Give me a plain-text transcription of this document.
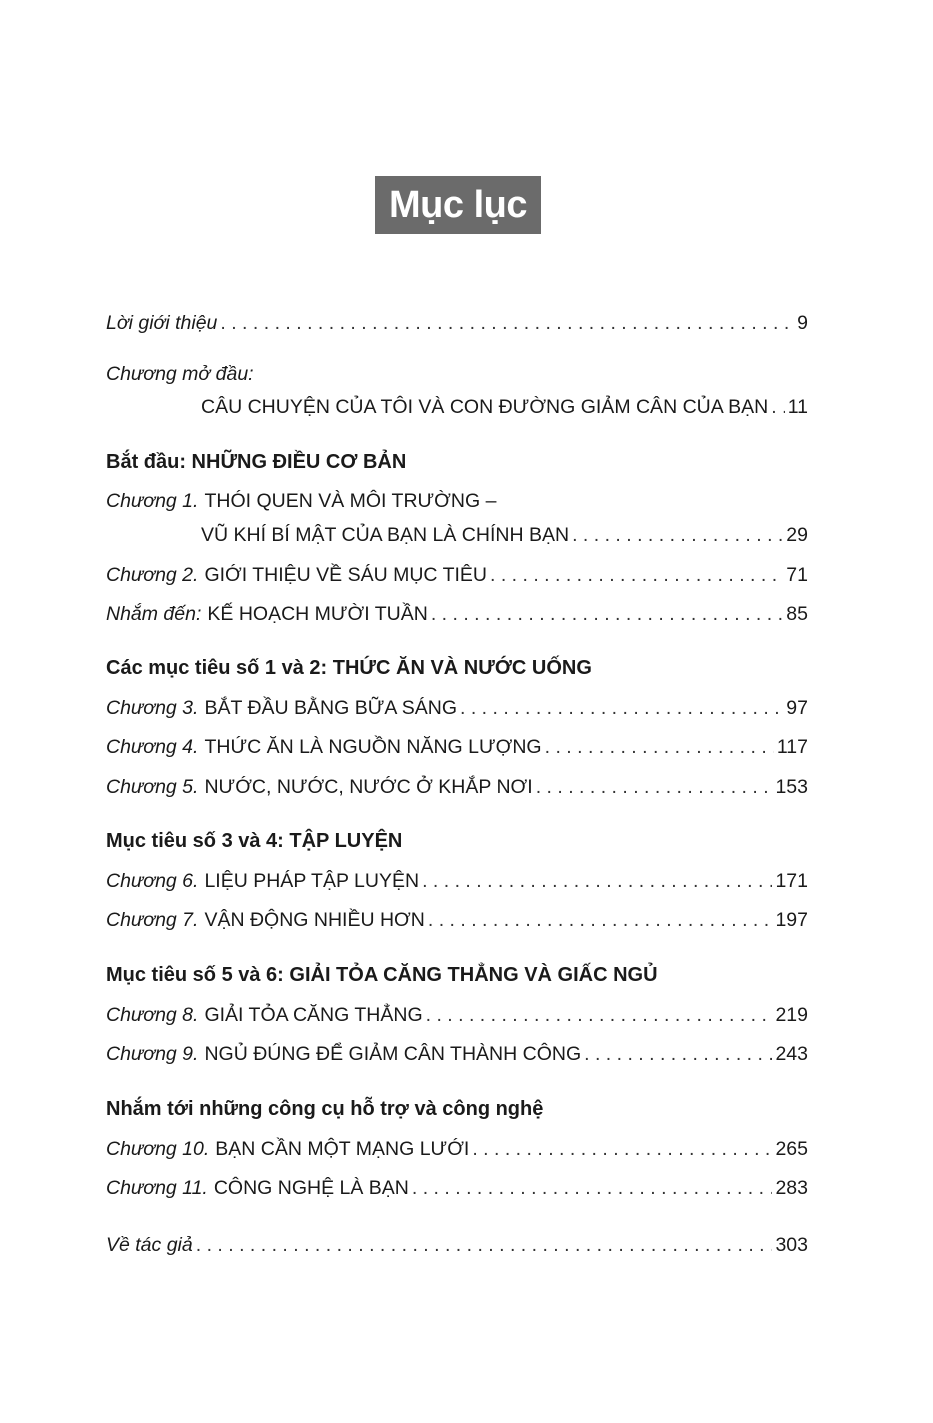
Mục lục
Lời giới thiệu . . .	9
Chương mở đầu:
CÂU CHUYỆN CỦA TÔI VÀ CON ĐƯỜNG GIẢM CÂN CỦA BẠN . . . 11
Bắt đầu: NHỮNG ĐIỀU CƠ BẢN
Chương 1. THÓI QUEN VÀ MÔI TRƯỜNG –
VŨ KHÍ BÍ MẬT CỦA BẠN LÀ CHÍNH BẠN . . .	29
Chương 2. GIỚI THIỆU VỀ SÁU MỤC TIÊU . . .	71
Nhắm đến: KẾ HOẠCH MƯỜI TUẦN . . .	85
Các mục tiêu số 1 và 2: THỨC ĂN VÀ NƯỚC UỐNG
Chương 3. BẮT ĐẦU BẰNG BỮA SÁNG . . .	97
Chương 4. THỨC ĂN LÀ NGUỒN NĂNG LƯỢNG . . .	117
Chương 5. NƯỚC, NƯỚC, NƯỚC Ở KHẮP NƠI . . .	153
Mục tiêu số 3 và 4: TẬP LUYỆN
Chương 6. LIỆU PHÁP TẬP LUYỆN . . .	171
Chương 7. VẬN ĐỘNG NHIỀU HƠN . . .	197
Mục tiêu số 5 và 6: GIẢI TỎA CĂNG THẲNG VÀ GIẤC NGỦ
Chương 8. GIẢI TỎA CĂNG THẲNG . . .	219
Chương 9. NGỦ ĐÚNG ĐỂ GIẢM CÂN THÀNH CÔNG . . .	243
Nhắm tới những công cụ hỗ trợ và công nghệ
Chương 10. BẠN CẦN MỘT MẠNG LƯỚI . . .	265
Chương 11. CÔNG NGHỆ LÀ BẠN . . .	283
Về tác giả . . .	303
